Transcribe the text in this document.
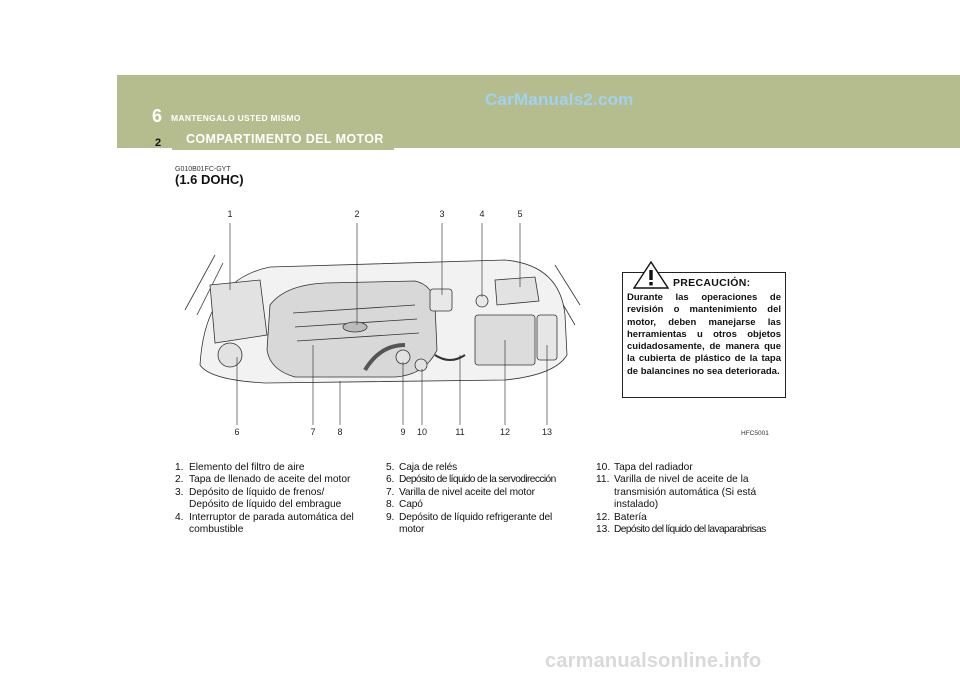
CarManuals2.com
6 MANTENGALO USTED MISMO
2 COMPARTIMENTO DEL MOTOR
G010B01FC-GYT
(1.6 DOHC)
1	2	3	4	5
6	7 8	9 10	11	12	13
PRECAUCIÓN:
Durante las operaciones de revisión o mantenimiento del motor, deben manejarse las herramientas u otros objetos cuidadosamente, de manera que la cubierta de plástico de la tapa de balancines no sea deteriorada.
HFC5001
1. Elemento del filtro de aire
2. Tapa de llenado de aceite del motor
3. Depósito de líquido de frenos/ Depósito de líquido del embrague
4. Interruptor de parada automática del combustible
5. Caja de relés
6. Depósito de líquido de la servodirección
7. Varilla de nivel aceite del motor
8. Capó
9. Depósito de líquido refrigerante del motor
10. Tapa del radiador
11. Varilla de nivel de aceite de la transmisión automática (Si está instalado)
12. Batería
13. Depósito del líquido del lavaparabrisas
carmanualsonline.info
